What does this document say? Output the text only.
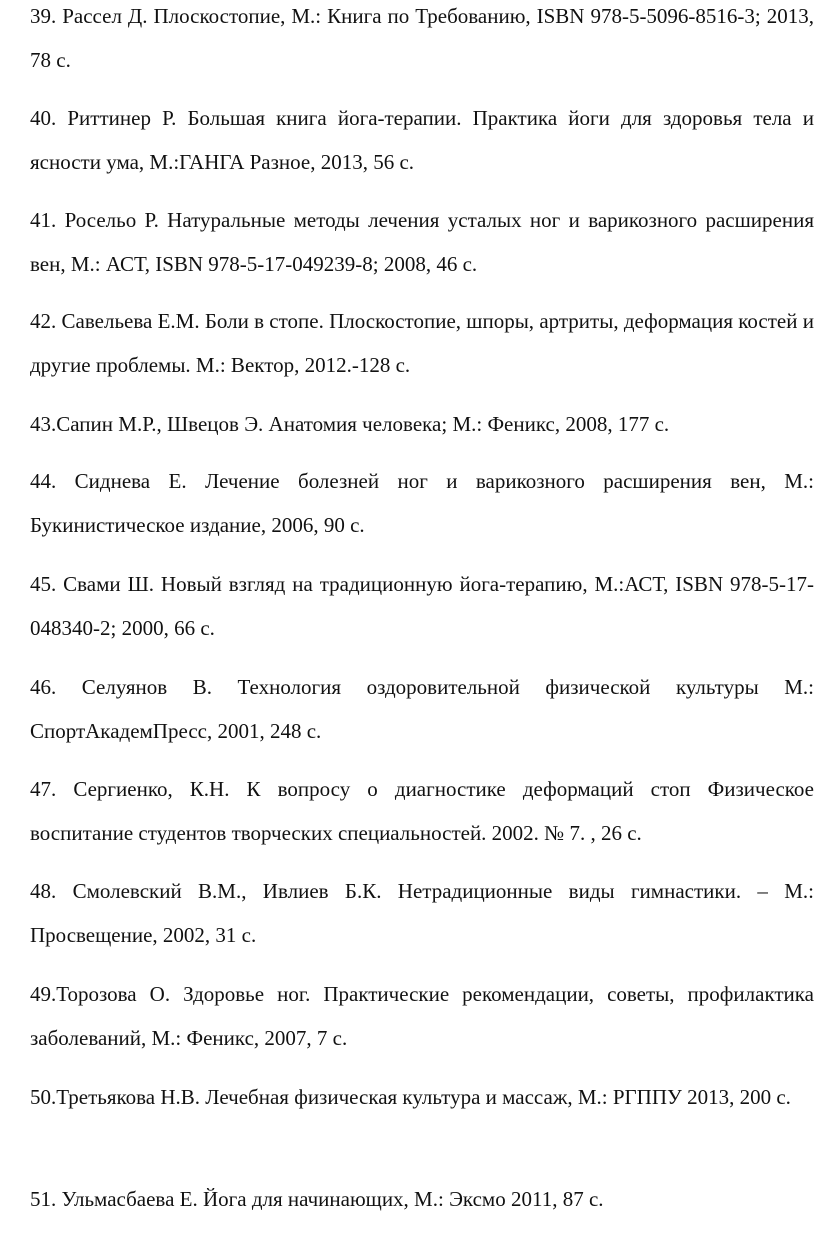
39. Рассел Д. Плоскостопие, М.: Книга по Требованию, ISBN 978-5-5096-8516-3; 2013, 78 с.

40. Риттинер Р. Большая книга йога-терапии. Практика йоги для здоровья тела и ясности ума, М.:ГАНГА Разное, 2013, 56 с.

41. Росельо Р. Натуральные методы лечения усталых ног и варикозного расширения вен, М.: АСТ, ISBN 978-5-17-049239-8; 2008, 46 с.

42. Савельева Е.М. Боли в стопе. Плоскостопие, шпоры, артриты, деформация костей и другие проблемы. М.: Вектор, 2012.-128 с.

43.Сапин М.Р., Швецов Э. Анатомия человека; М.: Феникс, 2008, 177 с.

44. Сиднева Е. Лечение болезней ног и варикозного расширения вен, М.: Букинистическое издание, 2006, 90 с.

45. Свами Ш. Новый взгляд на традиционную йога-терапию, М.:АСТ, ISBN 978-5-17-048340-2; 2000, 66 с.

46. Селуянов В. Технология оздоровительной физической культуры М.: СпортАкадемПресс, 2001, 248 с.

47. Сергиенко, К.Н. К вопросу о диагностике деформаций стоп Физическое воспитание студентов творческих специальностей. 2002. № 7. , 26 с.

48. Смолевский В.М., Ивлиев Б.К. Нетрадиционные виды гимнастики. – М.: Просвещение, 2002, 31 с.

49.Торозова О. Здоровье ног. Практические рекомендации, советы, профилактика заболеваний, М.: Феникс, 2007, 7 с.

50.Третьякова Н.В. Лечебная физическая культура и массаж, М.: РГППУ 2013, 200 с.

51. Ульмасбаева Е. Йога для начинающих, М.: Эксмо 2011, 87 с.
